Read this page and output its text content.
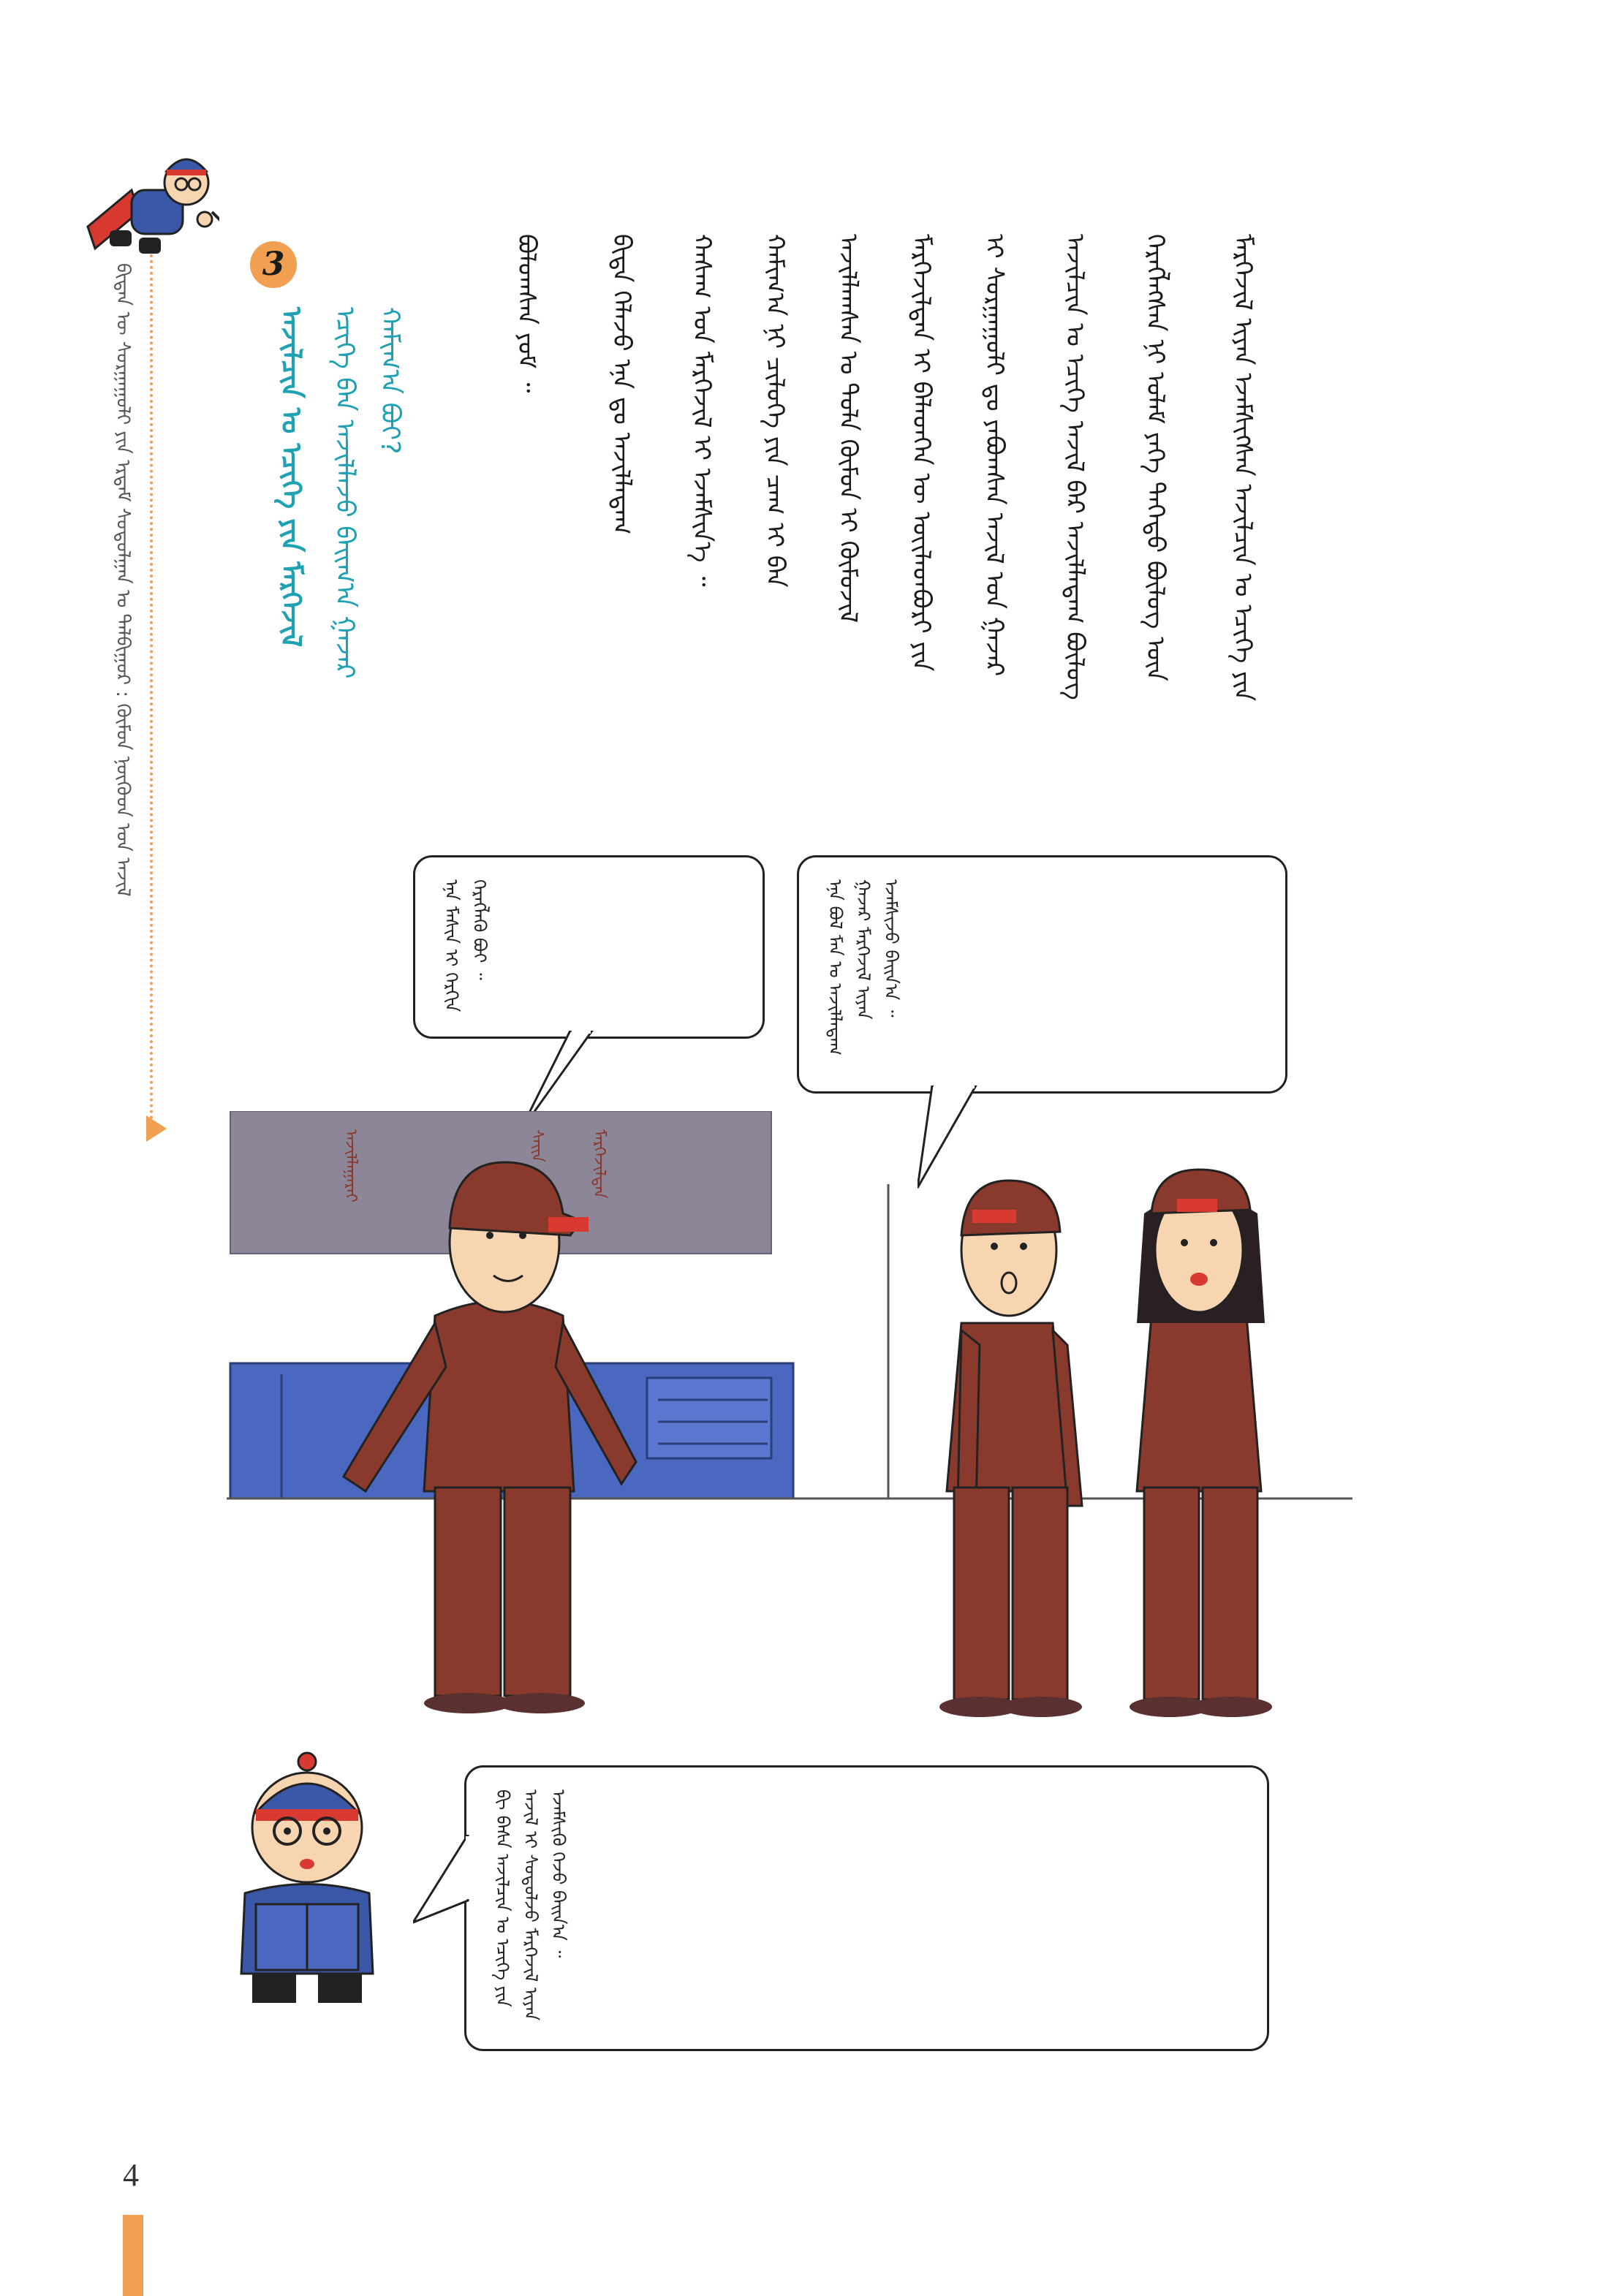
ᠪᠢᠳᠡᠨ ᠦ ᠰᠤᠷᠭᠠᠭᠤᠯᠢ ᠶᠢᠨ ᠡᠷᠳᠡᠮ ᠰᠤᠳᠤᠯᠭᠠᠨ ᠤ ᠲᠠᠯᠪᠢᠭᠤᠷ : ᠬᠦᠮᠦᠨ ᠨᠦᠭᠦᠳ ᠤᠨ ᠠᠵᠢᠯ	3
ᠠᠵᠢᠯᠴᠢᠨ ᠤ ᠡᠴᠢᠭᠡ ᠶᠢᠨ ᠮᠡᠷᠭᠡᠵᠢᠯ ᠡᠴᠢᠭᠡ ᠪᠠᠨ ᠠᠵᠢᠯᠯᠠᠵᠤ ᠪᠠᠢᠭ᠎ᠠ ᠭᠠᠵᠠᠷ ᠬᠠᠮᠢᠭ᠎ᠠ ᠪᠤᠢ?	ᠪᠤᠯᠤᠭᠰᠠᠨ ᠶᠤᠮ ᠃	ᠪᠢᠳᠡ ᠬᠡᠯᠡᠵᠦ ᠡᠨᠡ ᠳᠤ ᠠᠵᠢᠯᠯᠠᠳᠠᠭ ᠬᠠᠰᠠᠭ ᠤᠨ ᠮᠡᠷᠭᠡᠵᠢᠯ ᠢ ᠡᠵᠡᠮᠰᠢᠨ᠎ᠡ ᠃ ᠬᠠᠮᠢᠭ᠎ᠠ ᠨᠢ ᠴᠢᠯᠦᠭᠡ ᠶᠢᠨ ᠴᠠᠭ ᠢ ᠪᠠᠨ ᠠᠵᠢᠯᠯᠠᠭᠰᠠᠨ ᠤ ᠲᠤᠯᠠ ᠬᠦᠮᠦᠨ ᠢ ᠬᠦᠮᠦᠵᠢᠯ ᠮᠡᠷᠭᠡᠵᠢᠯᠲᠡᠨ ᠢ ᠪᠡᠯᠡᠳᠬᠡᠨ ᠦ ᠦᠢᠯᠡᠳᠪᠦᠷᠢ ᠶᠢᠨ ᠢ ᠰᠤᠷᠭᠠᠭᠤᠯᠢ ᠳᠤ ᠶᠠᠪᠤᠭᠰᠠᠨ ᠠᠵᠢᠯ ᠤᠨ ᠭᠠᠵᠠᠷ ᠠᠵᠢᠯᠴᠢᠨ ᠤ ᠡᠴᠢᠭᠡ ᠠᠵᠢᠯ ᠪᠠᠷ ᠠᠵᠢᠯᠯᠠᠳᠠᠭ ᠪᠦᠯᠦᠭ ᠬᠡᠷᠡᠭᠯᠡᠭᠰᠡᠨ ᠨᠢ ᠤᠯᠠᠮ ᠶᠡᠬᠡ ᠳᠡᠭᠡᠳᠦ ᠪᠦᠯᠦᠭ ᠦᠨ ᠮᠡᠷᠭᠡᠵᠢᠯ ᠢᠶᠡᠨ ᠡᠵᠡᠮᠰᠢᠭᠰᠡᠨ ᠠᠵᠢᠯᠴᠢᠨ ᠤ ᠡᠴᠢᠭᠡ ᠶᠢᠨ
ᠡᠨᠡ ᠪᠣᠯ ᠮᠠᠨ ᠤ ᠠᠵᠢᠯᠯᠠᠳᠠᠭ ᠭᠠᠵᠠᠷ ᠮᠡᠷᠭᠡᠵᠢᠯ ᠢᠶᠡᠨ ᠡᠵᠡᠮᠰᠢᠵᠦ ᠪᠠᠢᠨ᠎ᠠ ᠃
ᠡᠨᠡ ᠮᠠᠰᠢᠨ ᠢ ᠬᠡᠷᠬᠢᠨ ᠬᠡᠷᠡᠭᠯᠡᠬᠦ ᠪᠣᠢ ᠃
ᠪᠢ ᠪᠠᠰᠠ ᠠᠵᠢᠯᠴᠢᠨ ᠤ ᠡᠴᠢᠭᠡ ᠶᠢᠨ ᠠᠵᠢᠯ ᠢ ᠰᠤᠳᠤᠯᠵᠤ ᠮᠡᠷᠭᠡᠵᠢᠯ ᠢᠶᠡᠨ ᠡᠵᠡᠮᠰᠢᠬᠦ ᠭᠡᠵᠦ ᠪᠠᠢᠨ᠎ᠠ ᠃
ᠠᠵᠢᠯᠯᠠᠭᠠᠷᠠᠢ	ᠰᠠᠢᠨ	ᠮᠡᠷᠭᠡᠵᠢᠯᠲᠡᠨ
4
